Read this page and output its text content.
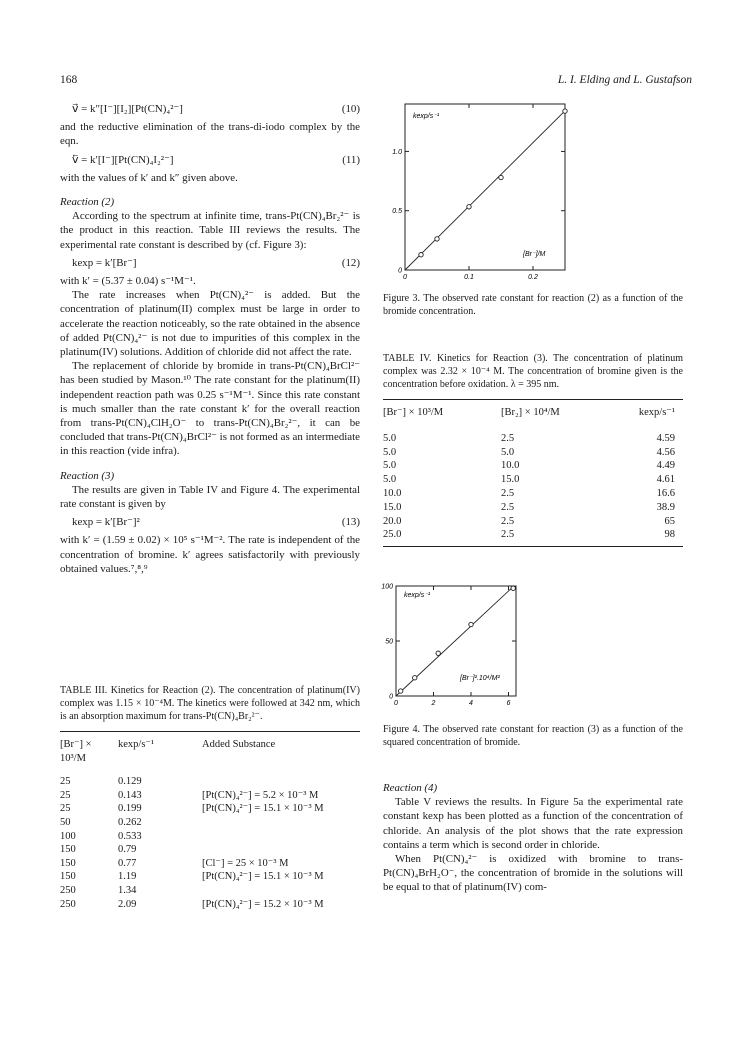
168	L. I. Elding and L. Gustafson
v⃗ = k″[I⁻][I₂][Pt(CN)₄²⁻]	(10)

and the reductive elimination of the trans-di-iodo complex by the eqn.

v⃖ = k′[I⁻][Pt(CN)₄I₂²⁻]	(11)

with the values of k′ and k″ given above.

Reaction (2)

According to the spectrum at infinite time, trans-Pt(CN)₄Br₂²⁻ is the product in this reaction. Table III reviews the results. The experimental rate constant is described by (cf. Figure 3):

kexp = k′[Br⁻]	(12)

with k′ = (5.37 ± 0.04) s⁻¹M⁻¹.

The rate increases when Pt(CN)₄²⁻ is added. But the concentration of platinum(II) complex must be large in order to accelerate the reaction noticeably, so the rate obtained in the absence of added Pt(CN)₄²⁻ is not due to impurities of this complex in the platinum(IV) solutions. Addition of chloride did not affect the rate.

The replacement of chloride by bromide in trans-Pt(CN)₄BrCl²⁻ has been studied by Mason.¹⁰ The rate constant for the platinum(II) independent reaction path was 0.25 s⁻¹M⁻¹. Since this rate constant is much smaller than the rate constant k′ for the overall reaction from trans-Pt(CN)₄ClH₂O⁻ to trans-Pt(CN)₄Br₂²⁻, it can be concluded that trans-Pt(CN)₄BrCl²⁻ is not formed as an intermediate in this reaction (vide infra).

Reaction (3)

The results are given in Table IV and Figure 4. The experimental rate constant is given by

kexp = k′[Br⁻]²	(13)

with k′ = (1.59 ± 0.02) × 10⁵ s⁻¹M⁻². The rate is independent of the concentration of bromine. k′ agrees satisfactorily with previously obtained values.⁷,⁸,⁹

TABLE III. Kinetics for Reaction (2). The concentration of platinum(IV) complex was 1.15 × 10⁻⁴M. The kinetics were followed at 342 nm, which is an absorption maximum for trans-Pt(CN)₄Br₂²⁻.
[Br⁻] × 10³/M	kexp/s⁻¹	Added Substance
25	0.129	
25	0.143	[Pt(CN)₄²⁻] = 5.2 × 10⁻³ M
25	0.199	[Pt(CN)₄²⁻] = 15.1 × 10⁻³ M
50	0.262	
100	0.533	
150	0.79	
150	0.77	[Cl⁻] = 25 × 10⁻³ M
150	1.19	[Pt(CN)₄²⁻] = 15.1 × 10⁻³ M
250	1.34	
250	2.09	[Pt(CN)₄²⁻] = 15.2 × 10⁻³ M
0	0.1	0.2
0
0.5
1.0
kexp/s⁻¹
[Br⁻]/M
Figure 3. The observed rate constant for reaction (2) as a function of the bromide concentration.
TABLE IV. Kinetics for Reaction (3). The concentration of platinum complex was 2.32 × 10⁻⁴ M. The concentration of bromine given is the concentration before oxidation. λ = 395 nm.
[Br⁻] × 10³/M	[Br₂] × 10⁴/M	kexp/s⁻¹
5.0	2.5	4.59
5.0	5.0	4.56
5.0	10.0	4.49
5.0	15.0	4.61
10.0	2.5	16.6
15.0	2.5	38.9
20.0	2.5	65
25.0	2.5	98
0	2	4	6
0
50
100
kexp/s⁻¹
[Br⁻]².10⁴/M²
Figure 4. The observed rate constant for reaction (3) as a function of the squared concentration of bromide.
Reaction (4)

Table V reviews the results. In Figure 5a the experimental rate constant kexp has been plotted as a function of the concentration of chloride. An analysis of the plot shows that the rate expression contains a term which is second order in chloride.

When Pt(CN)₄²⁻ is oxidized with bromine to trans-Pt(CN)₄BrH₂O⁻, the concentration of bromide in the solutions will be equal to that of platinum(IV) com-
